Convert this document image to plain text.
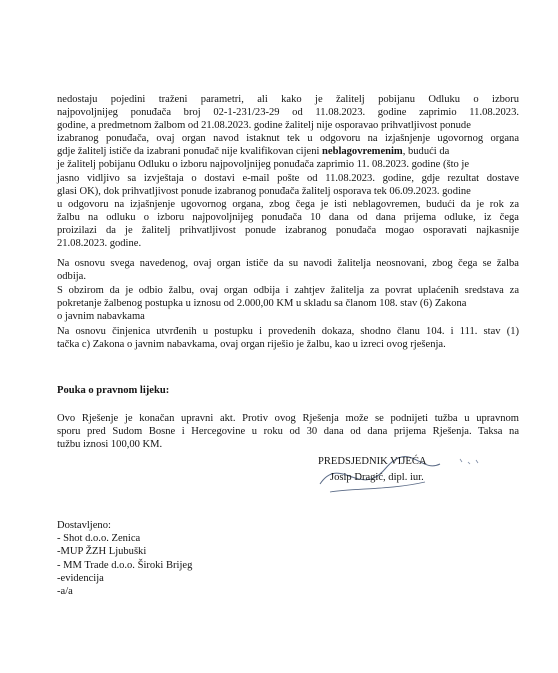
nedostaju pojedini traženi parametri, ali kako je žalitelj pobijanu Odluku o izboru
najpovoljnijeg ponuđača broj 02-1-231/23-29 od 11.08.2023. godine zaprimio 11.08.2023.
godine, a predmetnom žalbom od 21.08.2023. godine žalitelj nije osporavao prihvatljivost ponude
izabranog ponuđača, ovaj organ navod istaknut tek u odgovoru na izjašnjenje ugovornog organa
gdje žalitelj ističe da izabrani ponuđač nije kvalifikovan cijeni neblagovremenim, budući da
je žalitelj pobijanu Odluku o izboru najpovoljnijeg ponuđača zaprimio 11. 08.2023. godine (što je
jasno vidljivo sa izvještaja o dostavi e-mail pošte od 11.08.2023. godine, gdje rezultat dostave
glasi OK), dok prihvatljivost ponude izabranog ponuđača žalitelj osporava tek 06.09.2023. godine
u odgovoru na izjašnjenje ugovornog organa, zbog čega je isti neblagovremen, budući da je rok za
žalbu na odluku o izboru najpovoljnijeg ponuđača 10 dana od dana prijema odluke, iz čega
proizilazi da je žalitelj prihvatljivost ponude izabranog ponuđača mogao osporavati najkasnije
21.08.2023. godine.
Na osnovu svega navedenog, ovaj organ ističe da su navodi žalitelja neosnovani, zbog čega se žalba
odbija.
S obzirom da je odbio žalbu, ovaj organ odbija i zahtjev žalitelja za povrat uplaćenih sredstava za
pokretanje žalbenog postupka u iznosu od 2.000,00 KM u skladu sa članom 108. stav (6) Zakona
o javnim nabavkama
Na osnovu činjenica utvrđenih u postupku i provedenih dokaza, shodno članu 104. i 111. stav (1)
tačka c) Zakona o javnim nabavkama, ovaj organ riješio je žalbu, kao u izreci ovog rješenja.
Pouka o pravnom lijeku:
Ovo Rješenje je konačan upravni akt. Protiv ovog Rješenja može se podnijeti tužba u upravnom
sporu pred Sudom Bosne i Hercegovine u roku od 30 dana od dana prijema Rješenja. Taksa na
tužbu iznosi 100,00 KM.
PREDSJEDNIK VIJEĆA
Josip Dragić, dipl. iur.
Dostavljeno:
- Shot d.o.o. Zenica
-MUP ŽZH Ljubuški
- MM Trade d.o.o. Široki Brijeg
-evidencija
-a/a
